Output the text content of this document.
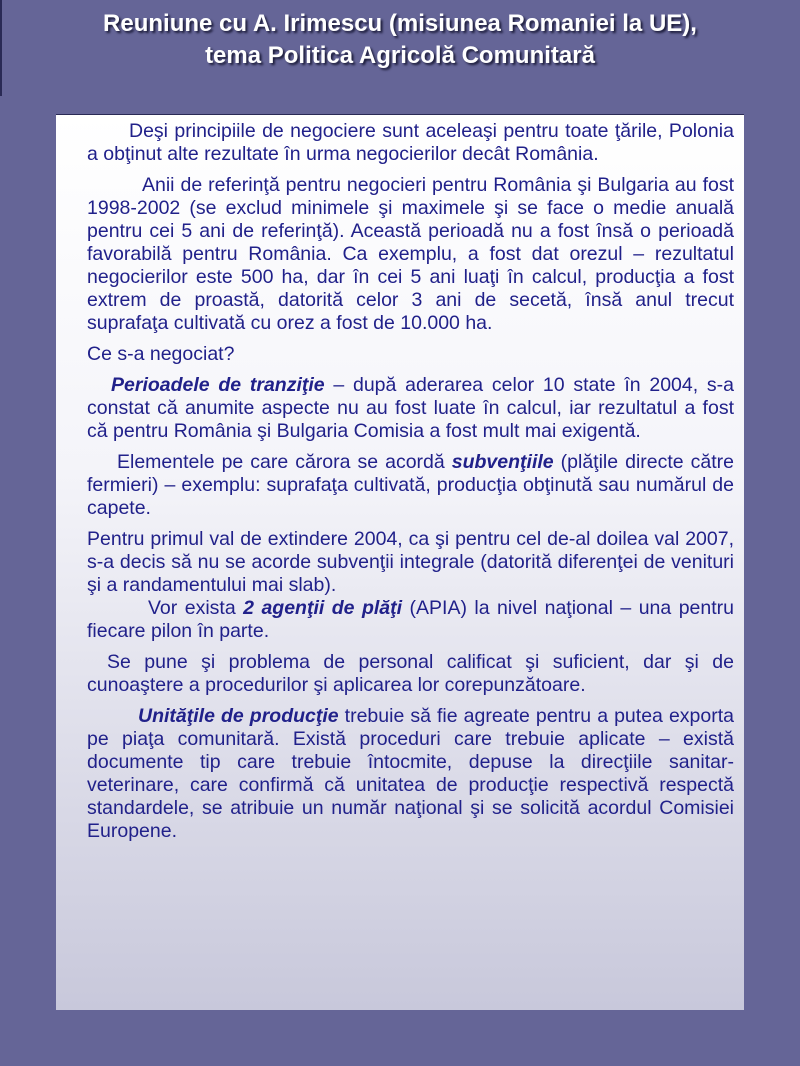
Reuniune cu A. Irimescu (misiunea Romaniei la UE),
tema Politica Agricolă Comunitară

Deşi principiile de negociere sunt aceleaşi pentru toate ţările, Polonia a obţinut alte rezultate în urma negocierilor decât România.

Anii de referinţă pentru negocieri pentru România şi Bulgaria au fost 1998-2002 (se exclud minimele şi maximele şi se face o medie anuală pentru cei 5 ani de referinţă). Această perioadă nu a fost însă o perioadă favorabilă pentru România. Ca exemplu, a fost dat orezul – rezultatul negocierilor este 500 ha, dar în cei 5 ani luaţi în calcul, producţia a fost extrem de proastă, datorită celor 3 ani de secetă, însă anul trecut suprafaţa cultivată cu orez a fost de 10.000 ha.

Ce s-a negociat?

Perioadele de tranziţie – după aderarea celor 10 state în 2004, s-a constat că anumite aspecte nu au fost luate în calcul, iar rezultatul a fost că pentru România şi Bulgaria Comisia a fost mult mai exigentă.

Elementele pe care cărora se acordă subvenţiile (plăţile directe către fermieri) – exemplu: suprafaţa cultivată, producţia obţinută sau numărul de capete.

Pentru primul val de extindere 2004, ca şi pentru cel de-al doilea val 2007, s-a decis să nu se acorde subvenţii integrale (datorită diferenţei de venituri şi a randamentului mai slab).

Vor exista 2 agenţii de plăţi (APIA) la nivel naţional – una pentru fiecare pilon în parte.

Se pune şi problema de personal calificat şi suficient, dar şi de cunoaştere a procedurilor şi aplicarea lor corepunzătoare.

Unităţile de producţie trebuie să fie agreate pentru a putea exporta pe piaţa comunitară. Există proceduri care trebuie aplicate – există documente tip care trebuie întocmite, depuse la direcţiile sanitar-veterinare, care confirmă că unitatea de producţie respectivă respectă standardele, se atribuie un număr naţional şi se solicită acordul Comisiei Europene.
